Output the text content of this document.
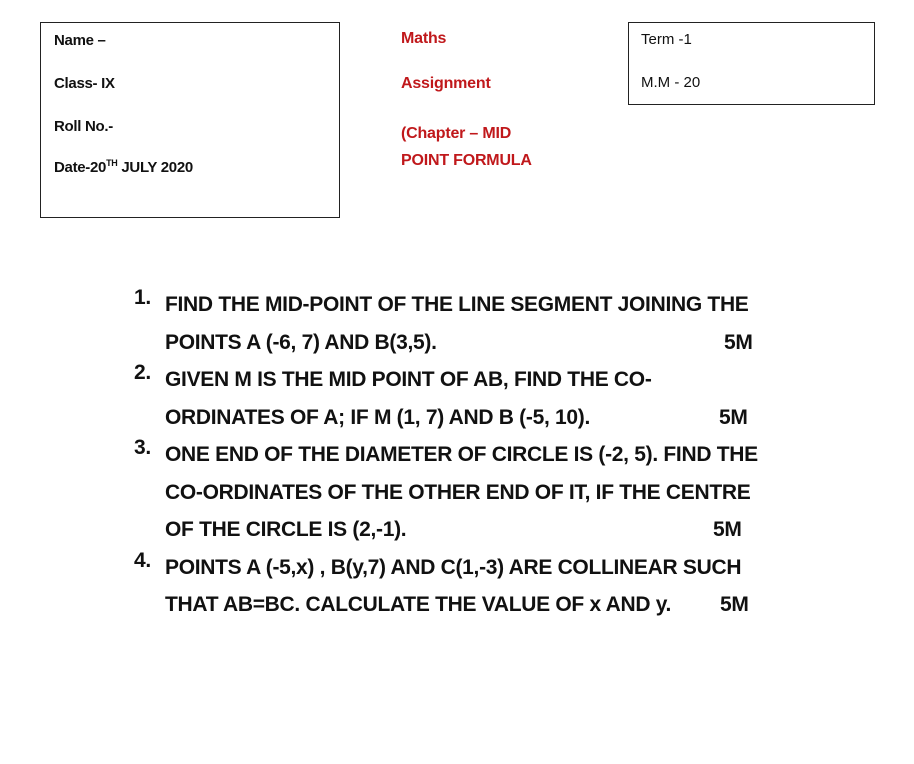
Name –
Class- IX
Roll No.-
Date-20TH JULY 2020
Maths
Assignment
(Chapter – MID
POINT FORMULA
Term -1
M.M - 20
1. FIND THE MID-POINT OF THE LINE SEGMENT JOINING THE
POINTS A (-6, 7) AND B(3,5).	5M
2. GIVEN M IS THE MID POINT OF AB, FIND THE CO-
ORDINATES OF A; IF M (1, 7) AND B (-5, 10).	5M
3. ONE END OF THE DIAMETER OF CIRCLE IS (-2, 5). FIND THE
CO-ORDINATES OF THE OTHER END OF IT, IF THE CENTRE
OF THE CIRCLE IS (2,-1).	5M
4. POINTS A (-5,x) , B(y,7) AND C(1,-3) ARE COLLINEAR SUCH
THAT AB=BC. CALCULATE THE VALUE OF x AND y. 5M
